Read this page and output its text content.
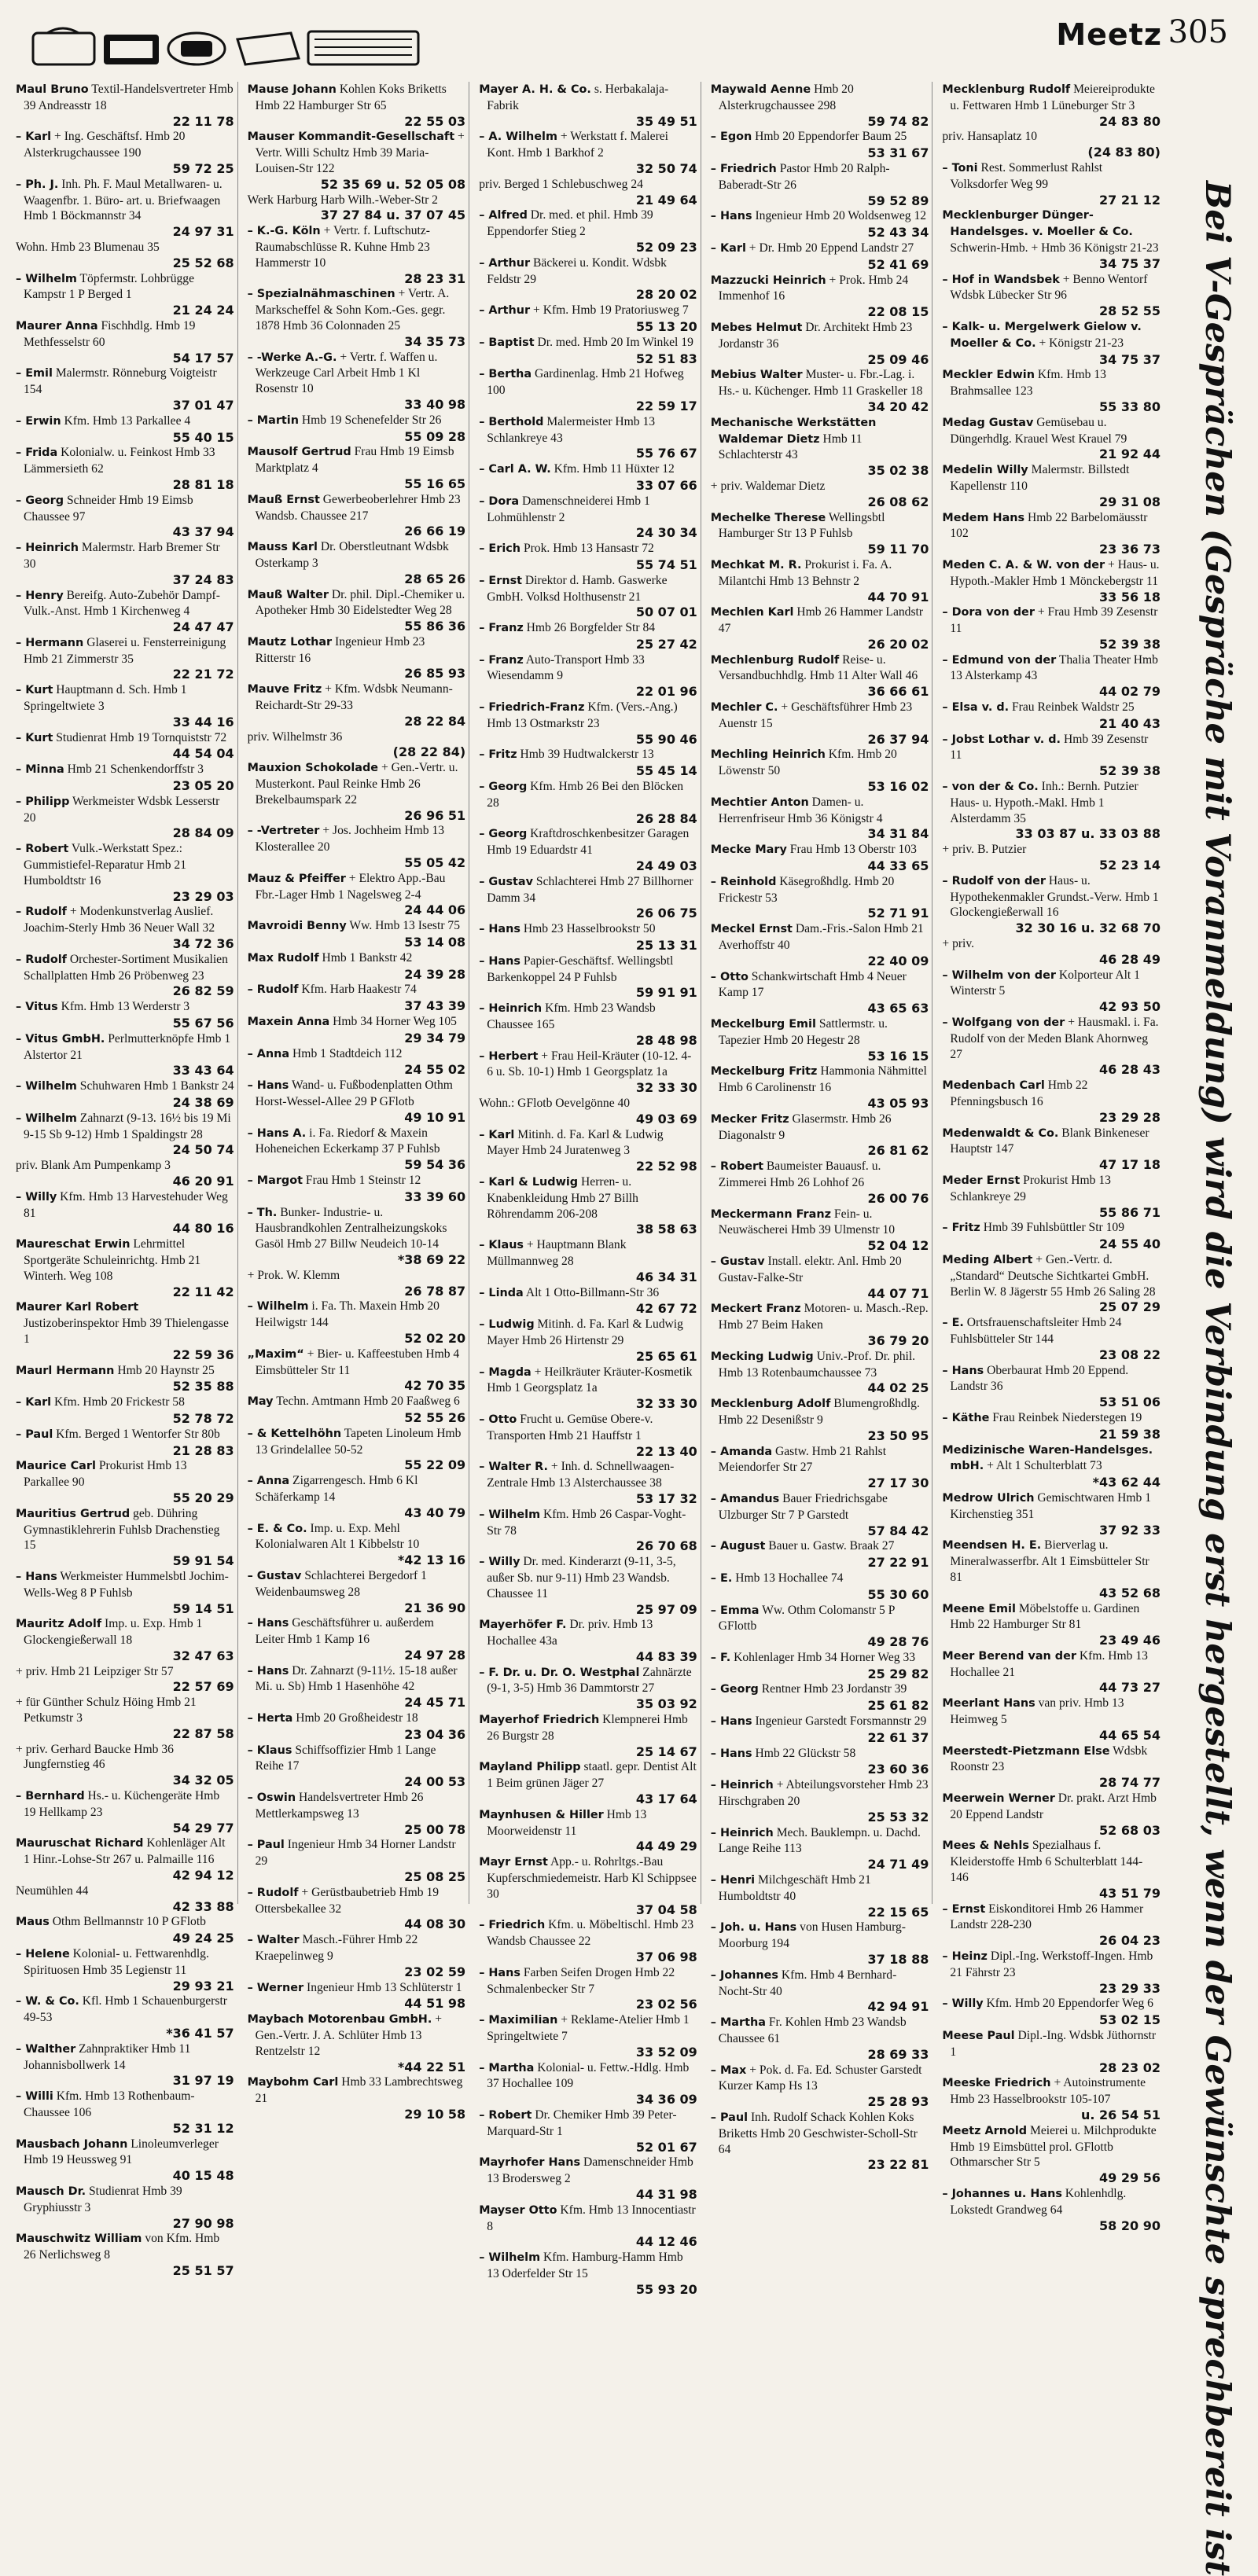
Meetz 305

Maul Bruno Textil-Handelsvertreter Hmb 39 Andreasstr 18
22 11 78

– Karl + Ing. Geschäftsf. Hmb 20 Alsterkrugchaussee 190
59 72 25

– Ph. J. Inh. Ph. F. Maul Metallwaren- u. Waagenfbr. 1. Büro- art. u. Briefwaagen Hmb 1 Böckmannstr 34
24 97 31

Wohn. Hmb 23 Blumenau 35
25 52 68

– Wilhelm Töpfermstr. Lohbrügge Kampstr 1 P Berged 1
21 24 24

Maurer Anna Fischhdlg. Hmb 19 Methfesselstr 60
54 17 57

– Emil Malermstr. Rönneburg Voigteistr 154
37 01 47

– Erwin Kfm. Hmb 13 Parkallee 4
55 40 15

– Frida Kolonialw. u. Feinkost Hmb 33 Lämmersieth 62
28 81 18

– Georg Schneider Hmb 19 Eimsb Chaussee 97
43 37 94

– Heinrich Malermstr. Harb Bremer Str 30
37 24 83

– Henry Bereifg. Auto-Zubehör Dampf-Vulk.-Anst. Hmb 1 Kirchenweg 4
24 47 47

– Hermann Glaserei u. Fensterreinigung Hmb 21 Zimmerstr 35
22 21 72

– Kurt Hauptmann d. Sch. Hmb 1 Springeltwiete 3
33 44 16

– Kurt Studienrat Hmb 19 Tornquiststr 72
44 54 04

– Minna Hmb 21 Schenkendorffstr 3
23 05 20

– Philipp Werkmeister Wdsbk Lesserstr 20
28 84 09

– Robert Vulk.-Werkstatt Spez.: Gummistiefel-Reparatur Hmb 21 Humboldtstr 16
23 29 03

– Rudolf + Modenkunstverlag Auslief. Joachim-Sterly Hmb 36 Neuer Wall 32
34 72 36

– Rudolf Orchester-Sortiment Musikalien Schallplatten Hmb 26 Pröbenweg 23
26 82 59

– Vitus Kfm. Hmb 13 Werderstr 3
55 67 56

– Vitus GmbH. Perlmutterknöpfe Hmb 1 Alstertor 21
33 43 64

– Wilhelm Schuhwaren Hmb 1 Bankstr 24
24 38 69

– Wilhelm Zahnarzt (9-13. 16½ bis 19 Mi 9-15 Sb 9-12) Hmb 1 Spaldingstr 28
24 50 74

priv. Blank Am Pumpenkamp 3
46 20 91

– Willy Kfm. Hmb 13 Harvestehuder Weg 81
44 80 16

Maureschat Erwin Lehrmittel Sportgeräte Schuleinrichtg. Hmb 21 Winterh. Weg 108
22 11 42

Maurer Karl Robert Justizoberinspektor Hmb 39 Thielengasse 1
22 59 36

Maurl Hermann Hmb 20 Haynstr 25
52 35 88

– Karl Kfm. Hmb 20 Frickestr 58
52 78 72

– Paul Kfm. Berged 1 Wentorfer Str 80b
21 28 83

Maurice Carl Prokurist Hmb 13 Parkallee 90
55 20 29

Mauritius Gertrud geb. Dühring Gymnastiklehrerin Fuhlsb Drachenstieg 15
59 91 54

– Hans Werkmeister Hummelsbtl Jochim-Wells-Weg 8 P Fuhlsb
59 14 51

Mauritz Adolf Imp. u. Exp. Hmb 1 Glockengießerwall 18
32 47 63

+ priv. Hmb 21 Leipziger Str 57
22 57 69

+ für Günther Schulz Höing Hmb 21 Petkumstr 3
22 87 58

+ priv. Gerhard Baucke Hmb 36 Jungfernstieg 46
34 32 05

– Bernhard Hs.- u. Küchengeräte Hmb 19 Hellkamp 23
54 29 77

Mauruschat Richard Kohlenläger Alt 1 Hinr.-Lohse-Str 267 u. Palmaille 116
42 94 12

Neumühlen 44
42 33 88

Maus Othm Bellmannstr 10 P GFlotb
49 24 25

– Helene Kolonial- u. Fettwarenhdlg. Spirituosen Hmb 35 Legienstr 11
29 93 21

– W. & Co. Kfl. Hmb 1 Schauenburgerstr 49-53
*36 41 57

– Walther Zahnpraktiker Hmb 11 Johannisbollwerk 14
31 97 19

– Willi Kfm. Hmb 13 Rothenbaum-Chaussee 106
52 31 12

Mausbach Johann Linoleumverleger Hmb 19 Heussweg 91
40 15 48

Mausch Dr. Studienrat Hmb 39 Gryphiusstr 3
27 90 98

Mauschwitz William von Kfm. Hmb 26 Nerlichsweg 8
25 51 57

Mause Johann Kohlen Koks Briketts Hmb 22 Hamburger Str 65
22 55 03

Mauser Kommandit-Gesellschaft + Vertr. Willi Schultz Hmb 39 Maria-Louisen-Str 122
52 35 69 u. 52 05 08

Werk Harburg Harb Wilh.-Weber-Str 2
37 27 84 u. 37 07 45

– K.-G. Köln + Vertr. f. Luftschutz-Raumabschlüsse R. Kuhne Hmb 23 Hammerstr 10
28 23 31

– Spezialnähmaschinen + Vertr. A. Markscheffel & Sohn Kom.-Ges. gegr. 1878 Hmb 36 Colonnaden 25
34 35 73

– -Werke A.-G. + Vertr. f. Waffen u. Werkzeuge Carl Arbeit Hmb 1 Kl Rosenstr 10
33 40 98

– Martin Hmb 19 Schenefelder Str 26
55 09 28

Mausolf Gertrud Frau Hmb 19 Eimsb Marktplatz 4
55 16 65

Mauß Ernst Gewerbeoberlehrer Hmb 23 Wandsb. Chaussee 217
26 66 19

Mauss Karl Dr. Oberstleutnant Wdsbk Osterkamp 3
28 65 26

Mauß Walter Dr. phil. Dipl.-Chemiker u. Apotheker Hmb 30 Eidelstedter Weg 28
55 86 36

Mautz Lothar Ingenieur Hmb 23 Ritterstr 16
26 85 93

Mauve Fritz + Kfm. Wdsbk Neumann-Reichardt-Str 29-33
28 22 84

priv. Wilhelmstr 36
(28 22 84)

Mauxion Schokolade + Gen.-Vertr. u. Musterkont. Paul Reinke Hmb 26 Brekelbaumspark 22
26 96 51

– -Vertreter + Jos. Jochheim Hmb 13 Klosterallee 20
55 05 42

Mauz & Pfeiffer + Elektro App.-Bau Fbr.-Lager Hmb 1 Nagelsweg 2-4
24 44 06

Mavroidi Benny Ww. Hmb 13 Isestr 75
53 14 08

Max Rudolf Hmb 1 Bankstr 42
24 39 28

– Rudolf Kfm. Harb Haakestr 74
37 43 39

Maxein Anna Hmb 34 Horner Weg 105
29 34 79

– Anna Hmb 1 Stadtdeich 112
24 55 02

– Hans Wand- u. Fußbodenplatten Othm Horst-Wessel-Allee 29 P GFlotb
49 10 91

– Hans A. i. Fa. Riedorf & Maxein Hoheneichen Eckerkamp 37 P Fuhlsb
59 54 36

– Margot Frau Hmb 1 Steinstr 12
33 39 60

– Th. Bunker- Industrie- u. Hausbrandkohlen Zentralheizungskoks Gasöl Hmb 27 Billw Neudeich 10-14
*38 69 22

+ Prok. W. Klemm
26 78 87

– Wilhelm i. Fa. Th. Maxein Hmb 20 Heilwigstr 144
52 02 20

„Maxim“ + Bier- u. Kaffeestuben Hmb 4 Eimsbütteler Str 11
42 70 35

May Techn. Amtmann Hmb 20 Faaßweg 6
52 55 26

– & Kettelhöhn Tapeten Linoleum Hmb 13 Grindelallee 50-52
55 22 09

– Anna Zigarrengesch. Hmb 6 Kl Schäferkamp 14
43 40 79

– E. & Co. Imp. u. Exp. Mehl Kolonialwaren Alt 1 Kibbelstr 10
*42 13 16

– Gustav Schlachterei Bergedorf 1 Weidenbaumsweg 28
21 36 90

– Hans Geschäftsführer u. außerdem Leiter Hmb 1 Kamp 16
24 97 28

– Hans Dr. Zahnarzt (9-11½. 15-18 außer Mi. u. Sb) Hmb 1 Hasenhöhe 42
24 45 71

– Herta Hmb 20 Großheidestr 18
23 04 36

– Klaus Schiffsoffizier Hmb 1 Lange Reihe 17
24 00 53

– Oswin Handelsvertreter Hmb 26 Mettlerkampsweg 13
25 00 78

– Paul Ingenieur Hmb 34 Horner Landstr 29
25 08 25

– Rudolf + Gerüstbaubetrieb Hmb 19 Ottersbekallee 32
44 08 30

– Walter Masch.-Führer Hmb 22 Kraepelinweg 9
23 02 59

– Werner Ingenieur Hmb 13 Schlüterstr 1
44 51 98

Maybach Motorenbau GmbH. + Gen.-Vertr. J. A. Schlüter Hmb 13 Rentzelstr 12
*44 22 51

Maybohm Carl Hmb 33 Lambrechtsweg 21
29 10 58

Mayer A. H. & Co. s. Herbakalaja-Fabrik
35 49 51

– A. Wilhelm + Werkstatt f. Malerei Kont. Hmb 1 Barkhof 2
32 50 74

priv. Berged 1 Schlebuschweg 24
21 49 64

– Alfred Dr. med. et phil. Hmb 39 Eppendorfer Stieg 2
52 09 23

– Arthur Bäckerei u. Kondit. Wdsbk Feldstr 29
28 20 02

– Arthur + Kfm. Hmb 19 Pratoriusweg 7
55 13 20

– Baptist Dr. med. Hmb 20 Im Winkel 19
52 51 83

– Bertha Gardinenlag. Hmb 21 Hofweg 100
22 59 17

– Berthold Malermeister Hmb 13 Schlankreye 43
55 76 67

– Carl A. W. Kfm. Hmb 11 Hüxter 12
33 07 66

– Dora Damenschneiderei Hmb 1 Lohmühlenstr 2
24 30 34

– Erich Prok. Hmb 13 Hansastr 72
55 74 51

– Ernst Direktor d. Hamb. Gaswerke GmbH. Volksd Holthusenstr 21
50 07 01

– Franz Hmb 26 Borgfelder Str 84
25 27 42

– Franz Auto-Transport Hmb 33 Wiesendamm 9
22 01 96

– Friedrich-Franz Kfm. (Vers.-Ang.) Hmb 13 Ostmarkstr 23
55 90 46

– Fritz Hmb 39 Hudtwalckerstr 13
55 45 14

– Georg Kfm. Hmb 26 Bei den Blöcken 28
26 28 84

– Georg Kraftdroschkenbesitzer Garagen Hmb 19 Eduardstr 41
24 49 03

– Gustav Schlachterei Hmb 27 Billhorner Damm 34
26 06 75

– Hans Hmb 23 Hasselbrookstr 50
25 13 31

– Hans Papier-Geschäftsf. Wellingsbtl Barkenkoppel 24 P Fuhlsb
59 91 91

– Heinrich Kfm. Hmb 23 Wandsb Chaussee 165
28 48 98

– Herbert + Frau Heil-Kräuter (10-12. 4-6 u. Sb. 10-1) Hmb 1 Georgsplatz 1a
32 33 30

Wohn.: GFlotb Oevelgönne 40
49 03 69

– Karl Mitinh. d. Fa. Karl & Ludwig Mayer Hmb 24 Juratenweg 3
22 52 98

– Karl & Ludwig Herren- u. Knabenkleidung Hmb 27 Billh Röhrendamm 206-208
38 58 63

– Klaus + Hauptmann Blank Müllmannweg 28
46 34 31

– Linda Alt 1 Otto-Billmann-Str 36
42 67 72

– Ludwig Mitinh. d. Fa. Karl & Ludwig Mayer Hmb 26 Hirtenstr 29
25 65 61

– Magda + Heilkräuter Kräuter-Kosmetik Hmb 1 Georgsplatz 1a
32 33 30

– Otto Frucht u. Gemüse Obere-v. Transporten Hmb 21 Hauffstr 1
22 13 40

– Walter R. + Inh. d. Schnellwaagen-Zentrale Hmb 13 Alsterchaussee 38
53 17 32

– Wilhelm Kfm. Hmb 26 Caspar-Voght-Str 78
26 70 68

– Willy Dr. med. Kinderarzt (9-11, 3-5, außer Sb. nur 9-11) Hmb 23 Wandsb. Chaussee 11
25 97 09

Mayerhöfer F. Dr. priv. Hmb 13 Hochallee 43a
44 83 39

– F. Dr. u. Dr. O. Westphal Zahnärzte (9-1, 3-5) Hmb 36 Dammtorstr 27
35 03 92

Mayerhof Friedrich Klempnerei Hmb 26 Burgstr 28
25 14 67

Mayland Philipp staatl. gepr. Dentist Alt 1 Beim grünen Jäger 27
43 17 64

Maynhusen & Hiller Hmb 13 Moorweidenstr 11
44 49 29

Mayr Ernst App.- u. Rohrltgs.-Bau Kupferschmiedemeistr. Harb Kl Schippsee 30
37 04 58

– Friedrich Kfm. u. Möbeltischl. Hmb 23 Wandsb Chaussee 22
37 06 98

– Hans Farben Seifen Drogen Hmb 22 Schmalenbecker Str 7
23 02 56

– Maximilian + Reklame-Atelier Hmb 1 Springeltwiete 7
33 52 09

– Martha Kolonial- u. Fettw.-Hdlg. Hmb 37 Hochallee 109
34 36 09

– Robert Dr. Chemiker Hmb 39 Peter-Marquard-Str 1
52 01 67

Mayrhofer Hans Damenschneider Hmb 13 Brodersweg 2
44 31 98

Mayser Otto Kfm. Hmb 13 Innocentiastr 8
44 12 46

– Wilhelm Kfm. Hamburg-Hamm Hmb 13 Oderfelder Str 15
55 93 20

Maywald Aenne Hmb 20 Alsterkrugchaussee 298
59 74 82

– Egon Hmb 20 Eppendorfer Baum 25
53 31 67

– Friedrich Pastor Hmb 20 Ralph-Baberadt-Str 26
59 52 89

– Hans Ingenieur Hmb 20 Woldsenweg 12
52 43 34

– Karl + Dr. Hmb 20 Eppend Landstr 27
52 41 69

Mazzucki Heinrich + Prok. Hmb 24 Immenhof 16
22 08 15

Mebes Helmut Dr. Architekt Hmb 23 Jordanstr 36
25 09 46

Mebius Walter Muster- u. Fbr.-Lag. i. Hs.- u. Küchenger. Hmb 11 Graskeller 18
34 20 42

Mechanische Werkstätten Waldemar Dietz Hmb 11 Schlachterstr 43
35 02 38

+ priv. Waldemar Dietz
26 08 62

Mechelke Therese Wellingsbtl Hamburger Str 13 P Fuhlsb
59 11 70

Mechkat M. R. Prokurist i. Fa. A. Milantchi Hmb 13 Behnstr 2
44 70 91

Mechlen Karl Hmb 26 Hammer Landstr 47
26 20 02

Mechlenburg Rudolf Reise- u. Versandbuchhdlg. Hmb 11 Alter Wall 46
36 66 61

Mechler C. + Geschäftsführer Hmb 23 Auenstr 15
26 37 94

Mechling Heinrich Kfm. Hmb 20 Löwenstr 50
53 16 02

Mechtier Anton Damen- u. Herrenfriseur Hmb 36 Königstr 4
34 31 84

Mecke Mary Frau Hmb 13 Oberstr 103
44 33 65

– Reinhold Käsegroßhdlg. Hmb 20 Frickestr 53
52 71 91

Meckel Ernst Dam.-Fris.-Salon Hmb 21 Averhoffstr 40
22 40 09

– Otto Schankwirtschaft Hmb 4 Neuer Kamp 17
43 65 63

Meckelburg Emil Sattlermstr. u. Tapezier Hmb 20 Hegestr 28
53 16 15

Meckelburg Fritz Hammonia Nähmittel Hmb 6 Carolinenstr 16
43 05 93

Mecker Fritz Glasermstr. Hmb 26 Diagonalstr 9
26 81 62

– Robert Baumeister Bauausf. u. Zimmerei Hmb 26 Lohhof 26
26 00 76

Meckermann Franz Fein- u. Neuwäscherei Hmb 39 Ulmenstr 10
52 04 12

– Gustav Install. elektr. Anl. Hmb 20 Gustav-Falke-Str
44 07 71

Meckert Franz Motoren- u. Masch.-Rep. Hmb 27 Beim Haken
36 79 20

Mecking Ludwig Univ.-Prof. Dr. phil. Hmb 13 Rotenbaumchaussee 73
44 02 25

Mecklenburg Adolf Blumengroßhdlg. Hmb 22 Desenißstr 9
23 50 95

– Amanda Gastw. Hmb 21 Rahlst Meiendorfer Str 27
27 17 30

– Amandus Bauer Friedrichsgabe Ulzburger Str 7 P Garstedt
57 84 42

– August Bauer u. Gastw. Braak 27
27 22 91

– E. Hmb 13 Hochallee 74
55 30 60

– Emma Ww. Othm Colomanstr 5 P GFlottb
49 28 76

– F. Kohlenlager Hmb 34 Horner Weg 33
25 29 82

– Georg Rentner Hmb 23 Jordanstr 39
25 61 82

– Hans Ingenieur Garstedt Forsmannstr 29
22 61 37

– Hans Hmb 22 Glückstr 58
23 60 36

– Heinrich + Abteilungsvorsteher Hmb 23 Hirschgraben 20
25 53 32

– Heinrich Mech. Bauklempn. u. Dachd. Lange Reihe 113
24 71 49

– Henri Milchgeschäft Hmb 21 Humboldtstr 40
22 15 65

– Joh. u. Hans von Husen Hamburg-Moorburg 194
37 18 88

– Johannes Kfm. Hmb 4 Bernhard-Nocht-Str 40
42 94 91

– Martha Fr. Kohlen Hmb 23 Wandsb Chaussee 61
28 69 33

– Max + Pok. d. Fa. Ed. Schuster Garstedt Kurzer Kamp Hs 13
25 28 93

– Paul Inh. Rudolf Schack Kohlen Koks Briketts Hmb 20 Geschwister-Scholl-Str 64
23 22 81

Mecklenburg Rudolf Meiereiprodukte u. Fettwaren Hmb 1 Lüneburger Str 3
24 83 80

priv. Hansaplatz 10
(24 83 80)

– Toni Rest. Sommerlust Rahlst Volksdorfer Weg 99
27 21 12

Mecklenburger Dünger-Handelsges. v. Moeller & Co. Schwerin-Hmb. + Hmb 36 Königstr 21-23
34 75 37

– Hof in Wandsbek + Benno Wentorf Wdsbk Lübecker Str 96
28 52 55

– Kalk- u. Mergelwerk Gielow v. Moeller & Co. + Königstr 21-23
34 75 37

Meckler Edwin Kfm. Hmb 13 Brahmsallee 123
55 33 80

Medag Gustav Gemüsebau u. Düngerhdlg. Krauel West Krauel 79
21 92 44

Medelin Willy Malermstr. Billstedt Kapellenstr 110
29 31 08

Medem Hans Hmb 22 Barbelomäusstr 102
23 36 73

Meden C. A. & W. von der + Haus- u. Hypoth.-Makler Hmb 1 Mönckebergstr 11
33 56 18

– Dora von der + Frau Hmb 39 Zesenstr 11
52 39 38

– Edmund von der Thalia Theater Hmb 13 Alsterkamp 43
44 02 79

– Elsa v. d. Frau Reinbek Waldstr 25
21 40 43

– Jobst Lothar v. d. Hmb 39 Zesenstr 11
52 39 38

– von der & Co. Inh.: Bernh. Putzier Haus- u. Hypoth.-Makl. Hmb 1 Alsterdamm 35
33 03 87 u. 33 03 88

+ priv. B. Putzier
52 23 14

– Rudolf von der Haus- u. Hypothekenmakler Grundst.-Verw. Hmb 1 Glockengießerwall 16
32 30 16 u. 32 68 70

+ priv.
46 28 49

– Wilhelm von der Kolporteur Alt 1 Winterstr 5
42 93 50

– Wolfgang von der + Hausmakl. i. Fa. Rudolf von der Meden Blank Ahornweg 27
46 28 43

Medenbach Carl Hmb 22 Pfenningsbusch 16
23 29 28

Medenwaldt & Co. Blank Binkeneser Hauptstr 147
47 17 18

Meder Ernst Prokurist Hmb 13 Schlankreye 29
55 86 71

– Fritz Hmb 39 Fuhlsbüttler Str 109
24 55 40

Meding Albert + Gen.-Vertr. d. „Standard“ Deutsche Sichtkartei GmbH. Berlin W. 8 Jägerstr 55 Hmb 26 Saling 28
25 07 29

– E. Ortsfrauenschaftsleiter Hmb 24 Fuhlsbütteler Str 144
23 08 22

– Hans Oberbaurat Hmb 20 Eppend. Landstr 36
53 51 06

– Käthe Frau Reinbek Niederstegen 19
21 59 38

Medizinische Waren-Handelsges. mbH. + Alt 1 Schulterblatt 73
*43 62 44

Medrow Ulrich Gemischtwaren Hmb 1 Kirchenstieg 351
37 92 33

Meendsen H. E. Bierverlag u. Mineralwasserfbr. Alt 1 Eimsbütteler Str 81
43 52 68

Meene Emil Möbelstoffe u. Gardinen Hmb 22 Hamburger Str 81
23 49 46

Meer Berend van der Kfm. Hmb 13 Hochallee 21
44 73 27

Meerlant Hans van priv. Hmb 13 Heimweg 5
44 65 54

Meerstedt-Pietzmann Else Wdsbk Roonstr 23
28 74 77

Meerwein Werner Dr. prakt. Arzt Hmb 20 Eppend Landstr
52 68 03

Mees & Nehls Spezialhaus f. Kleiderstoffe Hmb 6 Schulterblatt 144-146
43 51 79

– Ernst Eiskonditorei Hmb 26 Hammer Landstr 228-230
26 04 23

– Heinz Dipl.-Ing. Werkstoff-Ingen. Hmb 21 Fährstr 23
23 29 33

– Willy Kfm. Hmb 20 Eppendorfer Weg 6
53 02 15

Meese Paul Dipl.-Ing. Wdsbk Jüthornstr 1
28 23 02

Meeske Friedrich + Autoinstrumente Hmb 23 Hasselbrookstr 105-107
u. 26 54 51

Meetz Arnold Meierei u. Milchprodukte Hmb 19 Eimsbüttel prol. GFlottb Othmarscher Str 5
49 29 56

– Johannes u. Hans Kohlenhdlg. Lokstedt Grandweg 64
58 20 90	Bei V-Gesprächen (Gespräche mit Voranmeldung) wird die Verbindung erst hergestellt, wenn der Gewünschte sprechbereit ist
